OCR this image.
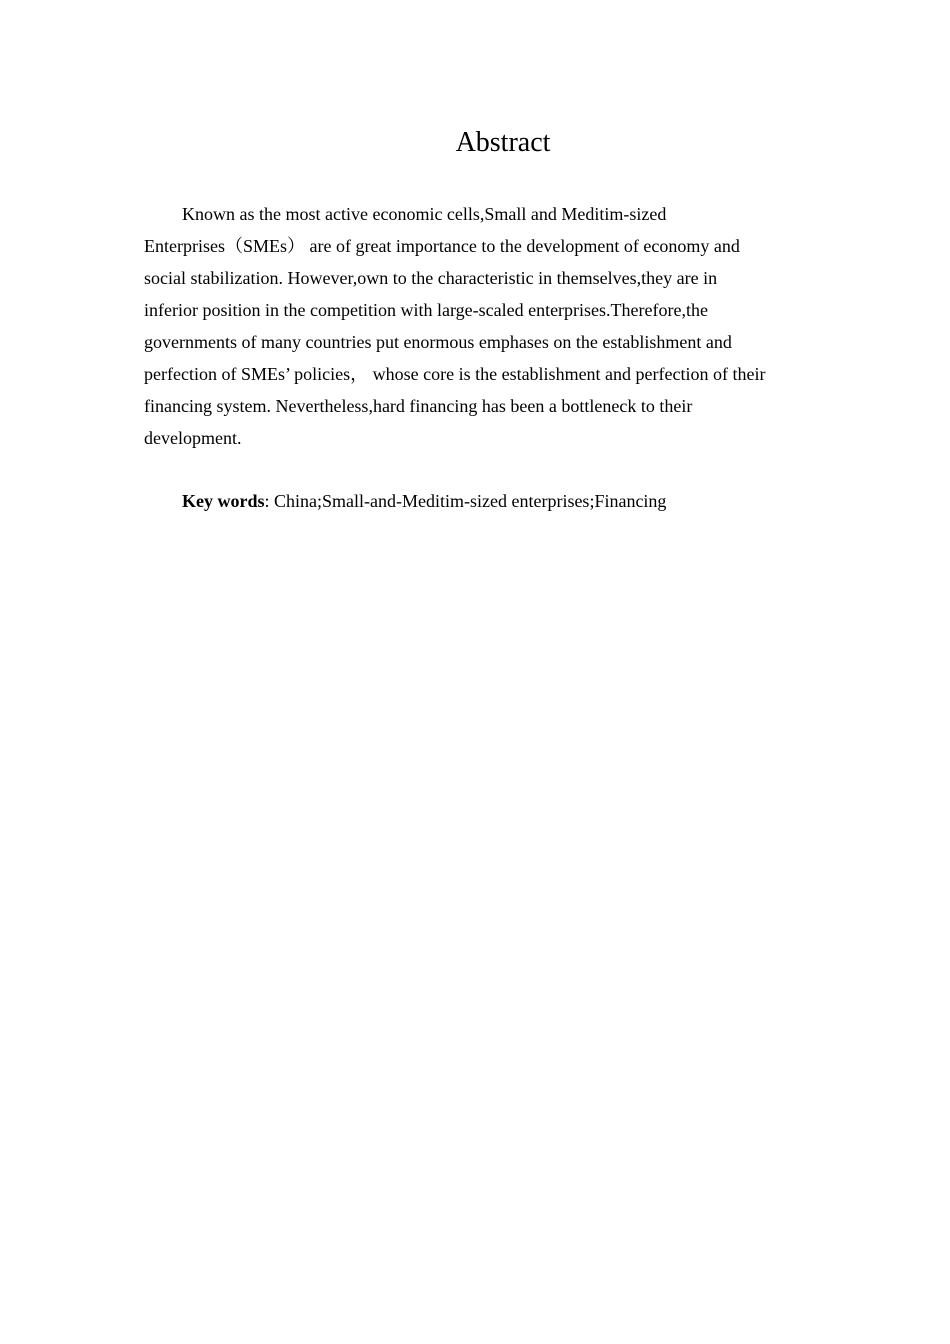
Abstract

Known as the most active economic cells,Small and Meditim-sized
Enterprises（SMEs） are of great importance to the development of economy and
social stabilization. However,own to the characteristic in themselves,they are in
inferior position in the competition with large-scaled enterprises.Therefore,the
governments of many countries put enormous emphases on the establishment and
perfection of SMEs’ policies， whose core is the establishment and perfection of their
financing system. Nevertheless,hard financing has been a bottleneck to their
development.

Key words: China;Small-and-Meditim-sized enterprises;Financing
